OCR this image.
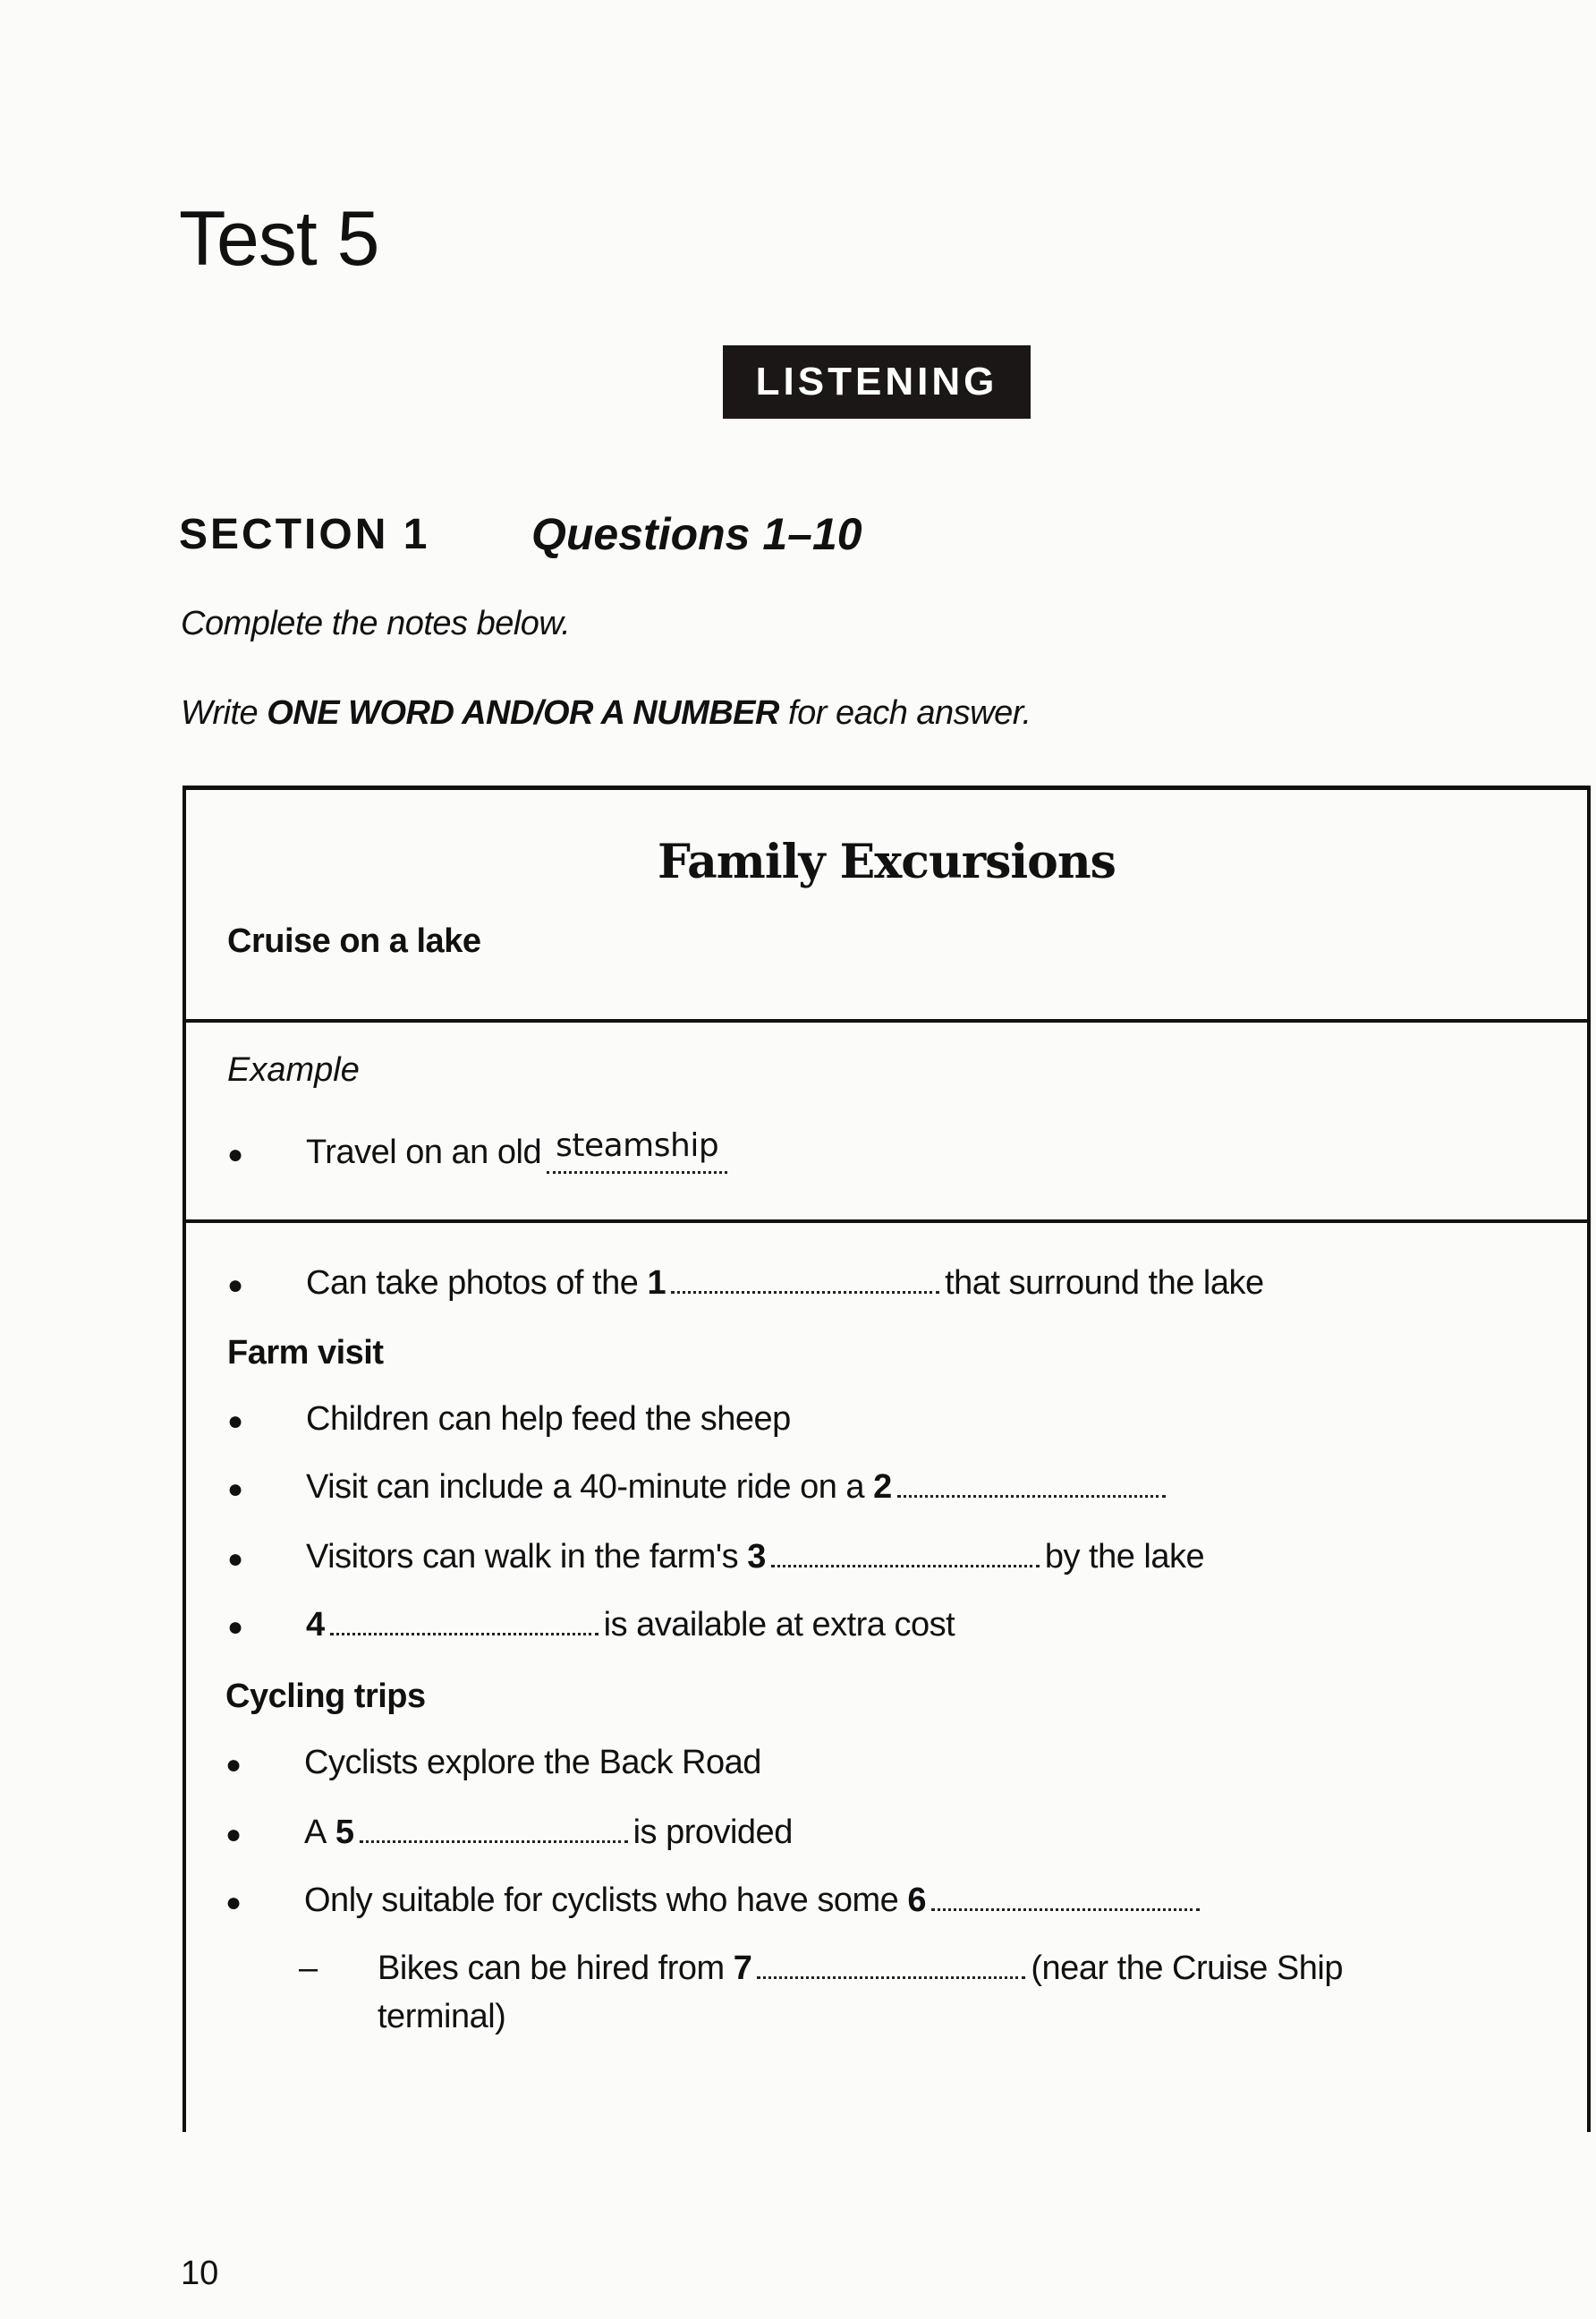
Test 5
LISTENING
SECTION 1 Questions 1–10
Complete the notes below.
Write ONE WORD AND/OR A NUMBER for each answer.
Family Excursions
Cruise on a lake
Example
●	Travel on an old steamship
●	Can take photos of the
1	that surround the lake
Farm visit
●	Children can help feed the sheep
●	Visit can include a 40-minute ride on a
2
●	Visitors can walk in the farm's
3	by the lake
●	4	is available at extra cost
Cycling trips
●	Cyclists explore the Back Road
●	A
5	is provided
●	Only suitable for cyclists who have some
6
–	Bikes can be hired from
7	(near the Cruise Ship
terminal)
10
